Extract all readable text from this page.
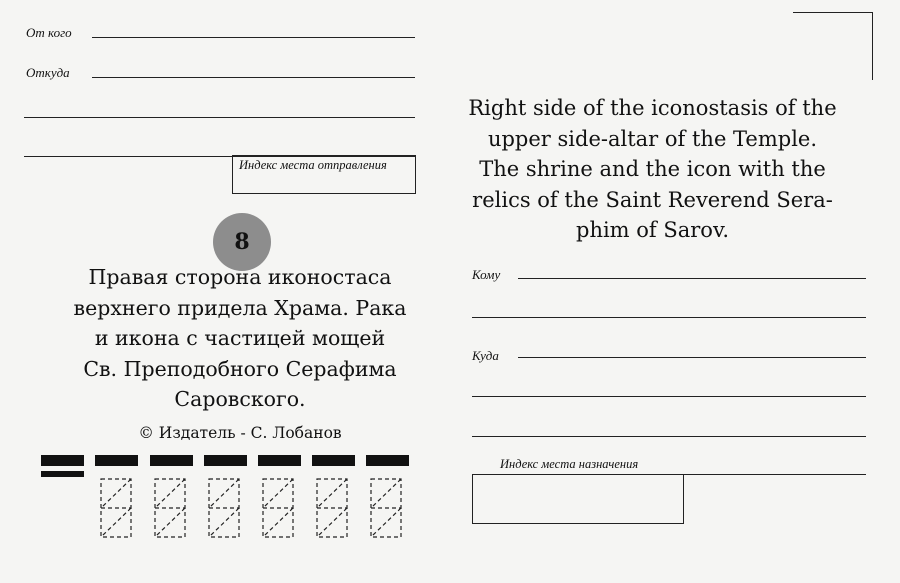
От кого
Откуда
Индекс места отправления
8
Правая сторона иконостаса
верхнего придела Храма. Рака
и икона с частицей мощей
Св. Преподобного Серафима
Саровского.
© Издатель - С. Лобанов
Right side of the iconostasis of the
upper side-altar of the Temple.
The shrine and the icon with the
relics of the Saint Reverend Sera-
phim of Sarov.
Кому
Куда
Индекс места назначения
